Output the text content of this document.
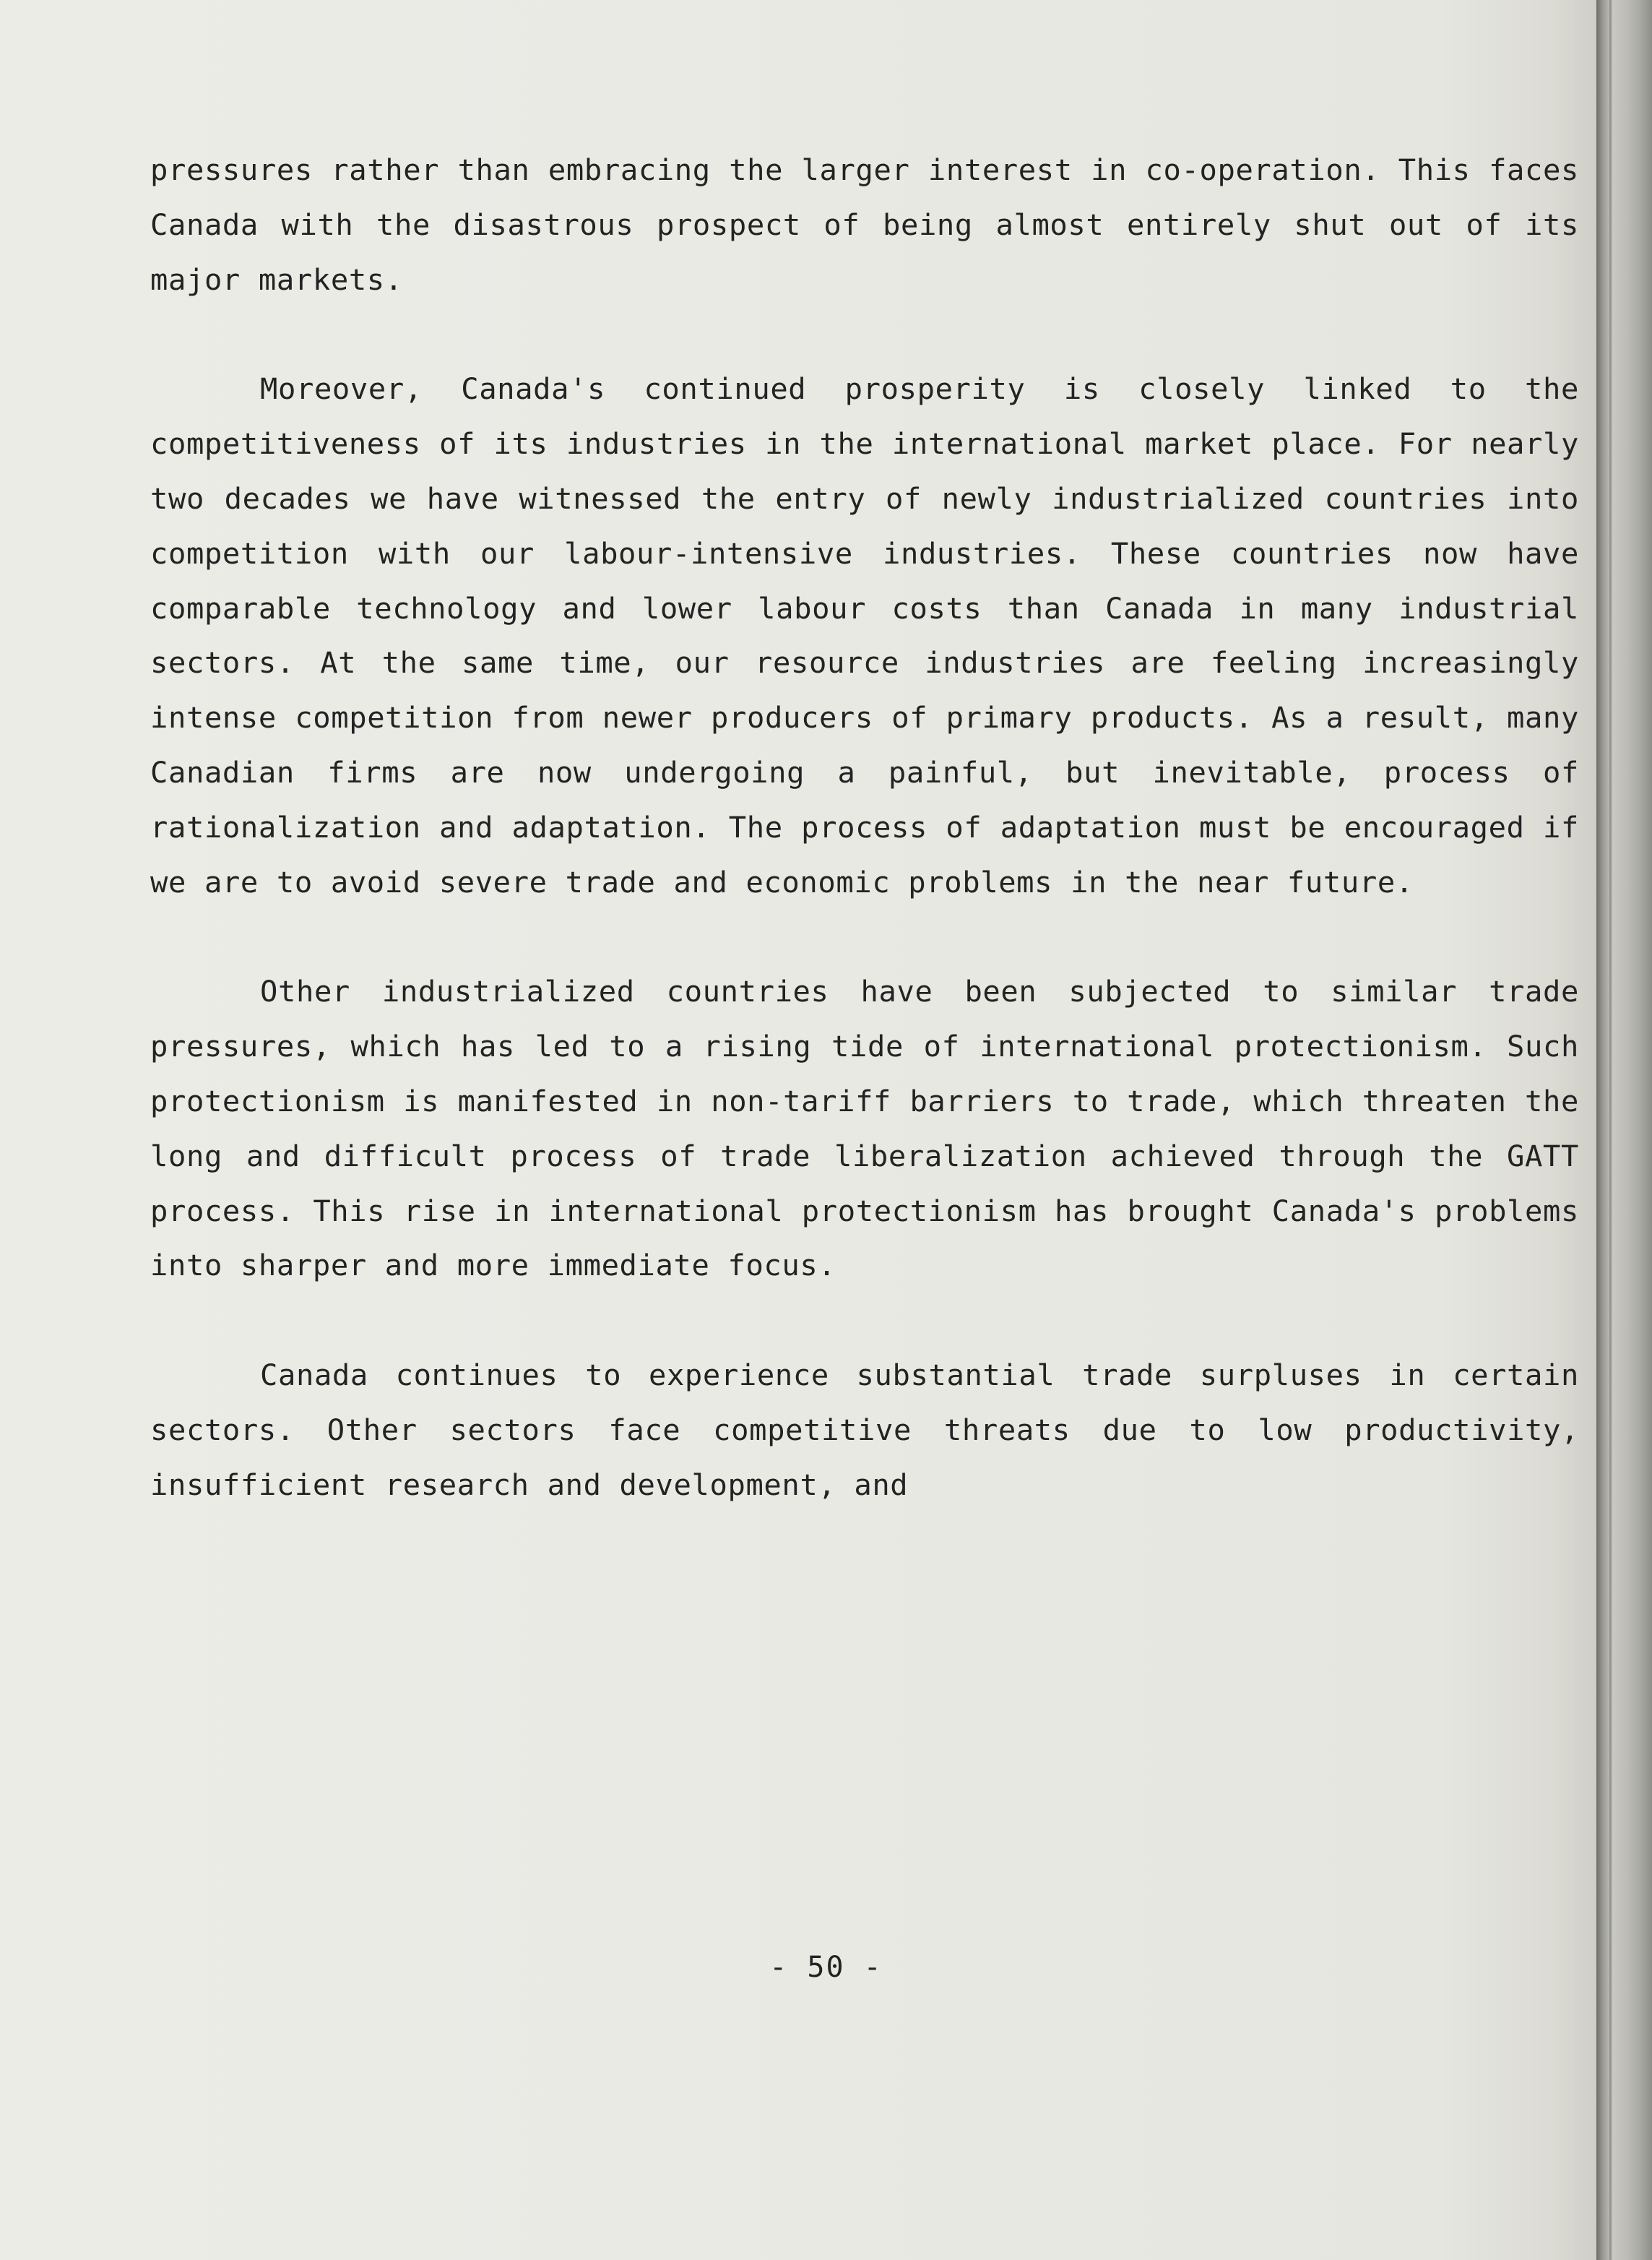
pressures rather than embracing the larger interest in co-operation. This faces Canada with the disastrous prospect of being almost entirely shut out of its major markets.

Moreover, Canada's continued prosperity is closely linked to the competitiveness of its industries in the international market place. For nearly two decades we have witnessed the entry of newly industrialized countries into competition with our labour-intensive industries. These countries now have comparable technology and lower labour costs than Canada in many industrial sectors. At the same time, our resource industries are feeling increasingly intense competition from newer producers of primary products. As a result, many Canadian firms are now undergoing a painful, but inevitable, process of rationalization and adaptation. The process of adaptation must be encouraged if we are to avoid severe trade and economic problems in the near future.

Other industrialized countries have been subjected to similar trade pressures, which has led to a rising tide of international protectionism. Such protectionism is manifested in non-tariff barriers to trade, which threaten the long and difficult process of trade liberalization achieved through the GATT process. This rise in international protectionism has brought Canada's problems into sharper and more immediate focus.

Canada continues to experience substantial trade surpluses in certain sectors. Other sectors face competitive threats due to low productivity, insufficient research and development, and

- 50 -
